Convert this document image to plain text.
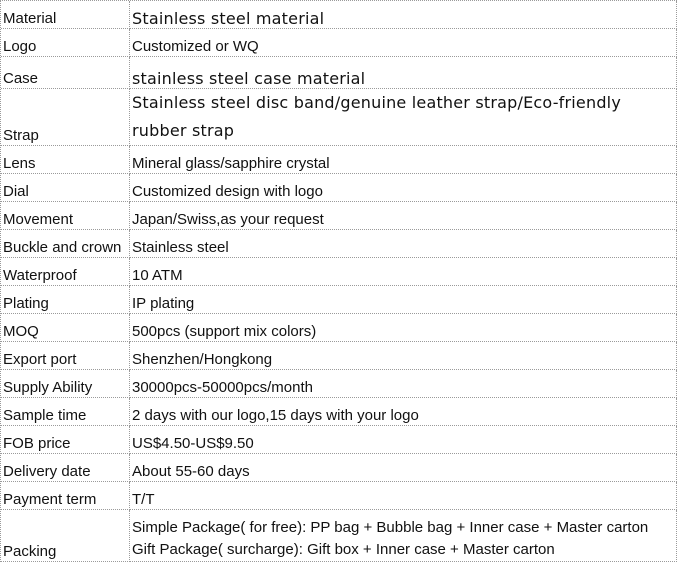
Material	Stainless steel material
Logo	Customized or WQ
Case	stainless steel case material
Strap	Stainless steel disc band/genuine leather strap/Eco-friendly
rubber strap

Lens	Mineral glass/sapphire crystal
Dial	Customized design with logo
Movement	Japan/Swiss,as your request
Buckle and crown	Stainless steel
Waterproof	10 ATM
Plating	IP plating
MOQ	500pcs (support mix colors)
Export port	Shenzhen/Hongkong
Supply Ability	30000pcs-50000pcs/month
Sample time	2 days with our logo,15 days with your logo
FOB price	US$4.50-US$9.50
Delivery date	About 55-60 days
Payment term	T/T
Packing	Simple Package( for free): PP bag + Bubble bag + Inner case + Master carton
Gift Package( surcharge): Gift box + Inner case + Master carton
